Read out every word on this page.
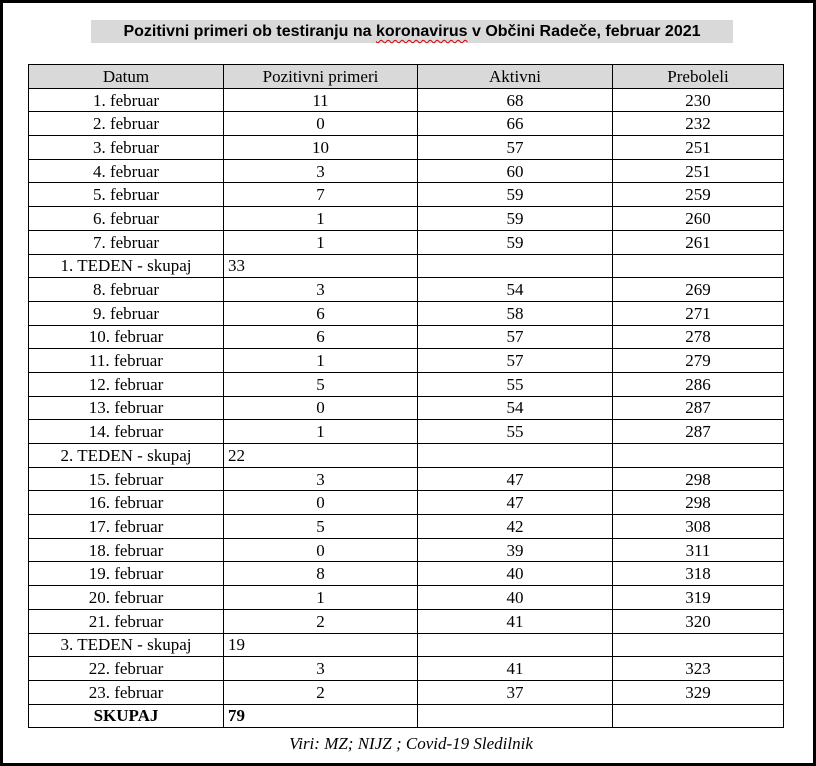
Pozitivni primeri ob testiranju na koronavirus v Občini Radeče, februar 2021
Datum	Pozitivni primeri	Aktivni	Preboleli
1. februar	11	68	230
2. februar	0	66	232
3. februar	10	57	251
4. februar	3	60	251
5. februar	7	59	259
6. februar	1	59	260
7. februar	1	59	261
1. TEDEN - skupaj	33		
8. februar	3	54	269
9. februar	6	58	271
10. februar	6	57	278
11. februar	1	57	279
12. februar	5	55	286
13. februar	0	54	287
14. februar	1	55	287
2. TEDEN - skupaj	22		
15. februar	3	47	298
16. februar	0	47	298
17. februar	5	42	308
18. februar	0	39	311
19. februar	8	40	318
20. februar	1	40	319
21. februar	2	41	320
3. TEDEN - skupaj	19		
22. februar	3	41	323
23. februar	2	37	329
SKUPAJ	79		
Viri: MZ; NIJZ ; Covid-19 Sledilnik
